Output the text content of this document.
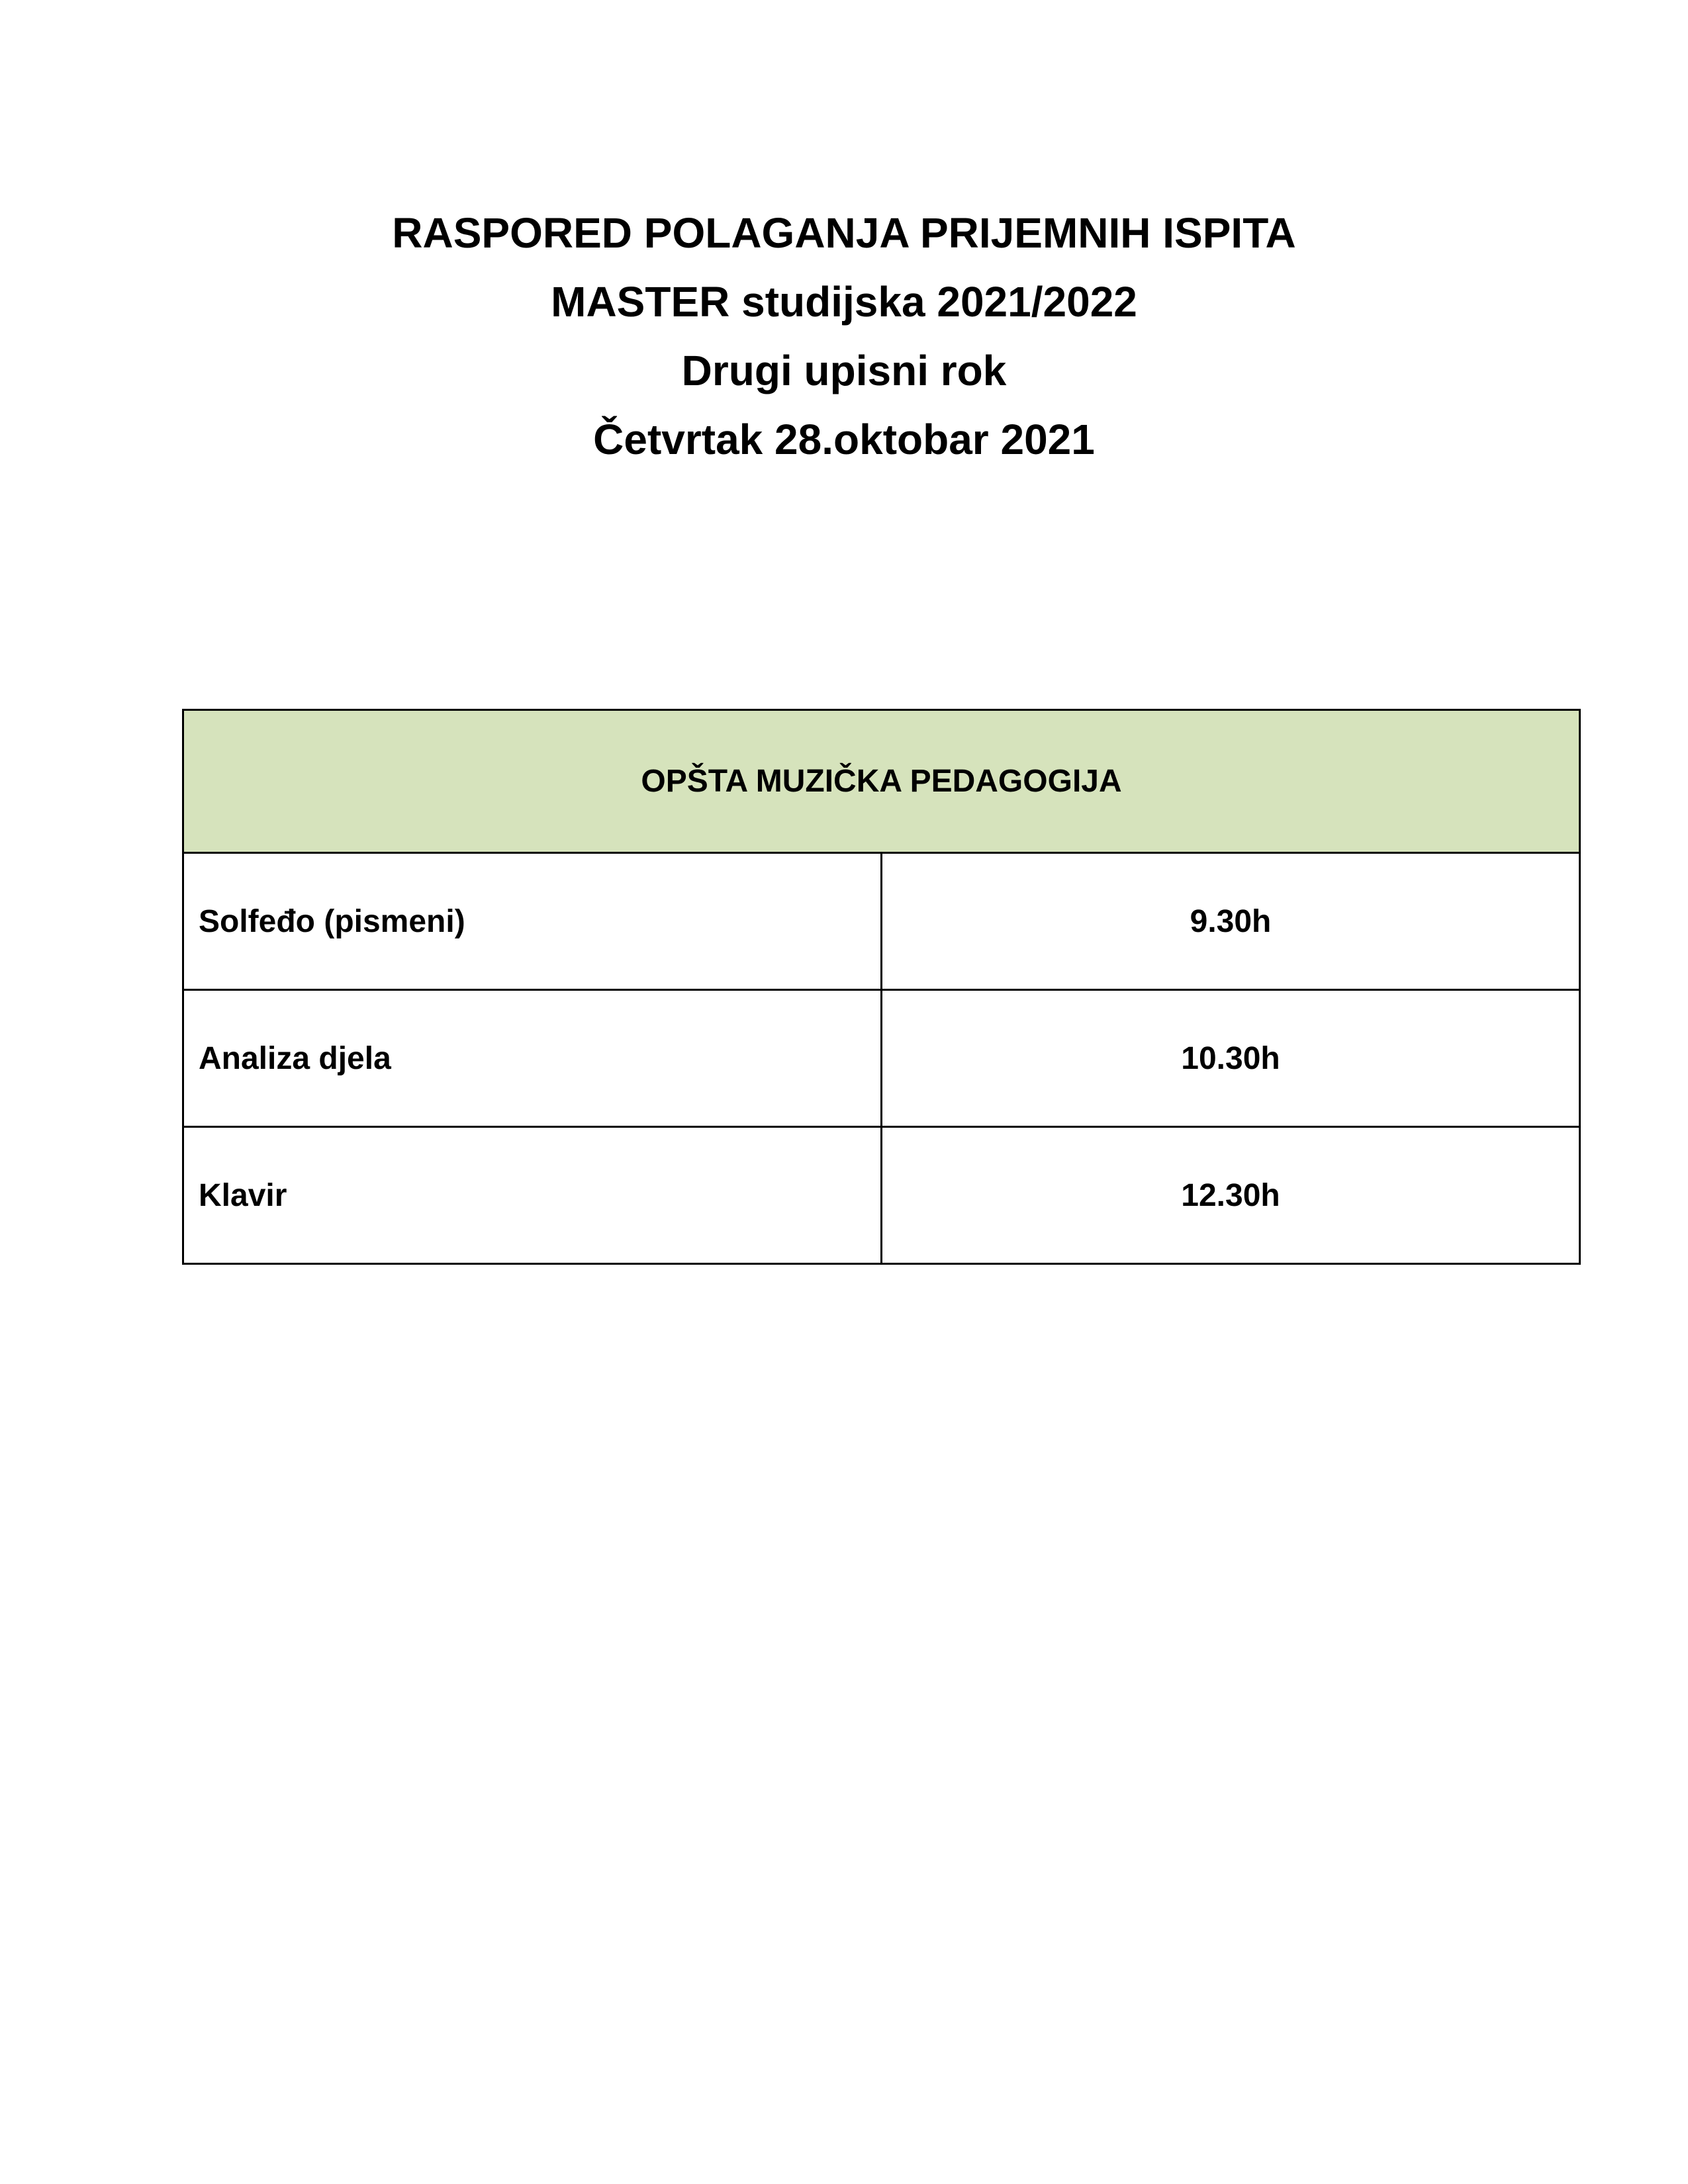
RASPORED POLAGANJA PRIJEMNIH ISPITA
MASTER studijska 2021/2022
Drugi upisni rok
Četvrtak 28.oktobar 2021
OPŠTA MUZIČKA PEDAGOGIJA	
Solfeđo (pismeni)	9.30h
Analiza djela	10.30h
Klavir	12.30h
